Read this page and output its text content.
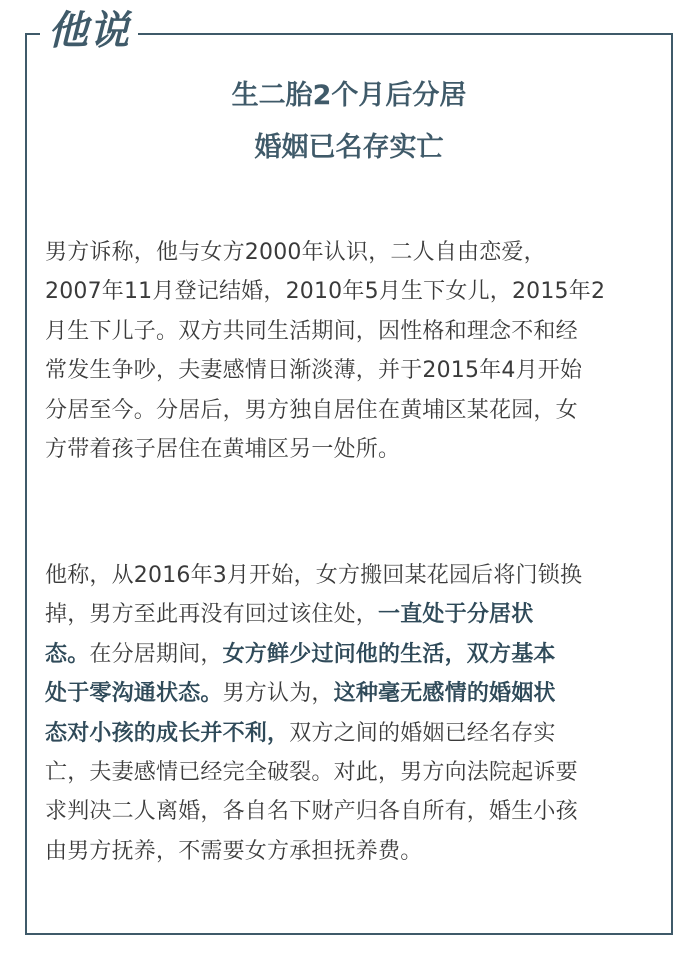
他说
生二胎2个月后分居
婚姻已名存实亡
男方诉称，他与女方2000年认识，二人自由恋爱，
2007年11月登记结婚，2010年5月生下女儿，2015年2
月生下儿子。双方共同生活期间，因性格和理念不和经
常发生争吵，夫妻感情日渐淡薄，并于2015年4月开始
分居至今。分居后，男方独自居住在黄埔区某花园，女
方带着孩子居住在黄埔区另一处所。
他称，从2016年3月开始，女方搬回某花园后将门锁换
掉，男方至此再没有回过该住处，一直处于分居状
态。在分居期间，女方鲜少过问他的生活，双方基本
处于零沟通状态。男方认为，这种毫无感情的婚姻状
态对小孩的成长并不利，双方之间的婚姻已经名存实
亡，夫妻感情已经完全破裂。对此，男方向法院起诉要
求判决二人离婚，各自名下财产归各自所有，婚生小孩
由男方抚养，不需要女方承担抚养费。
